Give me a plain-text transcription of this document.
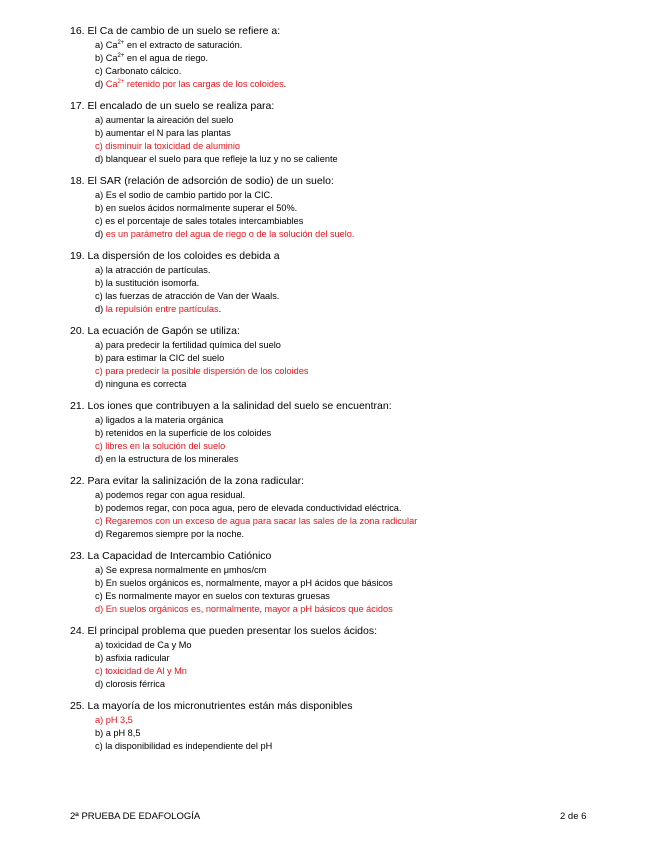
16. El Ca de cambio de un suelo se refiere a:
a) $Ca^{2+}$ en el extracto de saturación.
b) $Ca^{2+}$ en el agua de riego.
c) Carbonato cálcico.
d) $Ca^{2+}$ retenido por las cargas de los coloides.
17. El encalado de un suelo se realiza para:
a) aumentar la aireación del suelo
b) aumentar el N para las plantas
c) disminuir la toxicidad de aluminio
d) blanquear el suelo para que refleje la luz y no se caliente
18. El SAR (relación de adsorción de sodio) de un suelo:
a) Es el sodio de cambio partido por la CIC.
b) en suelos ácidos normalmente superar el 50%.
c) es el porcentaje de sales totales intercambiables
d) es un parámetro del agua de riego o de la solución del suelo.
19. La dispersión de los coloides es debida a
a) la atracción de partículas.
b) la sustitución isomorfa.
c) las fuerzas de atracción de Van der Waals.
d) la repulsión entre partículas.
20. La ecuación de Gapón se utiliza:
a) para predecir la fertilidad química del suelo
b) para estimar la CIC del suelo
c) para predecir la posible dispersión de los coloides
d) ninguna es correcta
21. Los iones que contribuyen a la salinidad del suelo se encuentran:
a) ligados a la materia orgánica
b) retenidos en la superficie de los coloides
c) libres en la solución del suelo
d) en la estructura de los minerales
22. Para evitar la salinización de la zona radicular:
a) podemos regar con agua residual.
b) podemos regar, con poca agua, pero de elevada conductividad eléctrica.
c) Regaremos con un exceso de agua para sacar las sales de la zona radicular
d) Regaremos siempre por la noche.
23. La Capacidad de Intercambio Catiónico
a) Se expresa normalmente en μmhos/cm
b) En suelos orgánicos es, normalmente, mayor a pH ácidos que básicos
c) Es normalmente mayor en suelos con texturas gruesas
d) En suelos orgánicos es, normalmente, mayor a pH básicos que ácidos
24. El principal problema que pueden presentar los suelos ácidos:
a) toxicidad de Ca y Mo
b) asfixia radicular
c) toxicidad de Al y Mn
d) clorosis férrica
25. La mayoría de los micronutrientes están más disponibles
a) pH 3,5
b) a pH 8,5
c) la disponibilidad es independiente del pH
2ª PRUEBA DE EDAFOLOGÍA	2 de 6
